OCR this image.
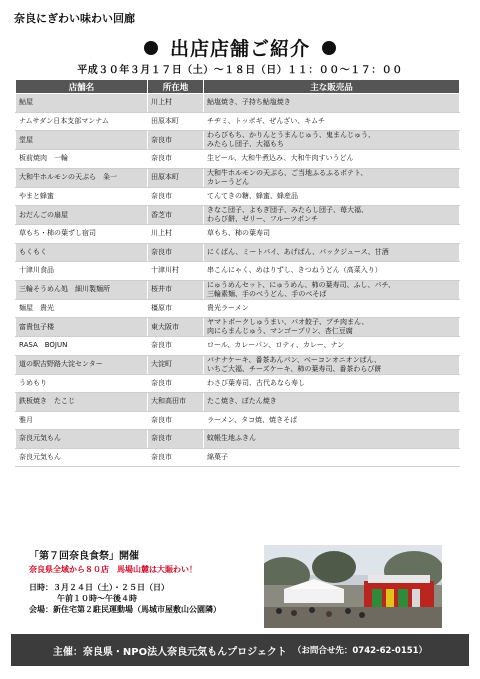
奈良にぎわい味わい回廊
出店店舗ご紹介
平成３０年３月１７日（土）～１８日（日）１１：００～１７：００
店舗名	所在地	主な販売品
鮎屋	川上村	鮎塩焼き、子持ち鮎塩焼き
ナムサダン日本支部マンナム	田原本町	チヂミ、トッポギ、ぜんざい、キムチ
堂屋	奈良市	わらびもち、かりんとうまんじゅう、鬼まんじゅう、
みたらし団子、大福もち
板前焼肉　一輪	奈良市	生ビール、大和牛煮込み、大和牛肉すいうどん
大和牛ホルモンの天ぷら　粂一	田原本町	大和牛ホルモンの天ぷら、ご当地ふるふるポテト、
カレーうどん
やまと蜂蜜	奈良市	てんてきの糖、蜂蜜、蜂産品
おだんごの扇屋	香芝市	きなこ団子、よもぎ団子、みたらし団子、苺大福、
わらび餅、ゼリー、フルーツポンチ
草もち・柿の葉ずし宿司	川上村	草もち、柿の葉寿司
もくもく	奈良市	にくばん、ミートパイ、あげぱん、パックジュース、甘酒
十津川食品	十津川村	串こんにゃく、めはりずし、きつねうどん（高菜入り）
三輪そうめん処　細川製麺所	桜井市	にゅうめんセット、にゅうめん、柿の葉寿司、ふし、パチ、
三輪素麺、手のべうどん、手のべそば
麺屋　貴光	橿原市	貴光ラーメン
富貴包子楼	東大阪市	ヤマトポークしゅうまい、パオ餃子、プチ肉まん、
肉にらまんじゅう、マンゴープリン、杏仁豆腐
RASA　BOJUN	奈良市	ロール、カレーパン、ロティ、カレー、ナン
道の駅吉野路大淀センター	大淀町	バナナケーキ、番茶あんパン、ベーコンオニオンぱん、
いちご大福、チーズケーキ、柿の葉寿司、番茶わらび餅
うめもり	奈良市	わさび葉寿司、古代あなら寿し
鉄板焼き　たこじ	大和高田市	たこ焼き、ぼたん焼き
雅月	奈良市	ラーメン、タコ焼、焼きそば
奈良元気もん	奈良市	蚊帳生地ふきん
奈良元気もん	奈良市	綿菓子
「第７回奈良食祭」開催
奈良県全域から８０店　馬場山麓は大賑わい！
日時：３月２４日（土）・２５日（日）
午前１０時～午後４時
会場：新住宅第２駐民運動場（馬城市屋敷山公園隣）
主催：奈良県・NPO法人奈良元気もんプロジェクト （お問合せ先：0742-62-0151）
